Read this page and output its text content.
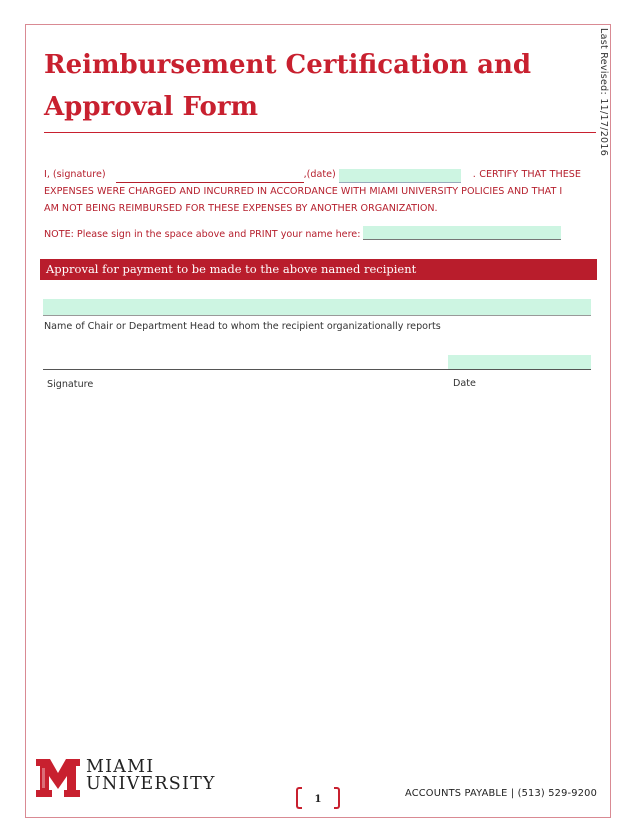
Last Revised: 11/17/2016
Reimbursement Certification and
Approval Form
I, (signature)	,(date)	. CERTIFY THAT THESE
EXPENSES WERE CHARGED AND INCURRED IN ACCORDANCE WITH MIAMI UNIVERSITY POLICIES AND THAT I
AM NOT BEING REIMBURSED FOR THESE EXPENSES BY ANOTHER ORGANIZATION.
NOTE: Please sign in the space above and PRINT your name here:
Approval for payment to be made to the above named recipient
Name of Chair or Department Head to whom the recipient organizationally reports
Signature	Date
MIAMI
UNIVERSITY
1	ACCOUNTS PAYABLE | (513) 529-9200
